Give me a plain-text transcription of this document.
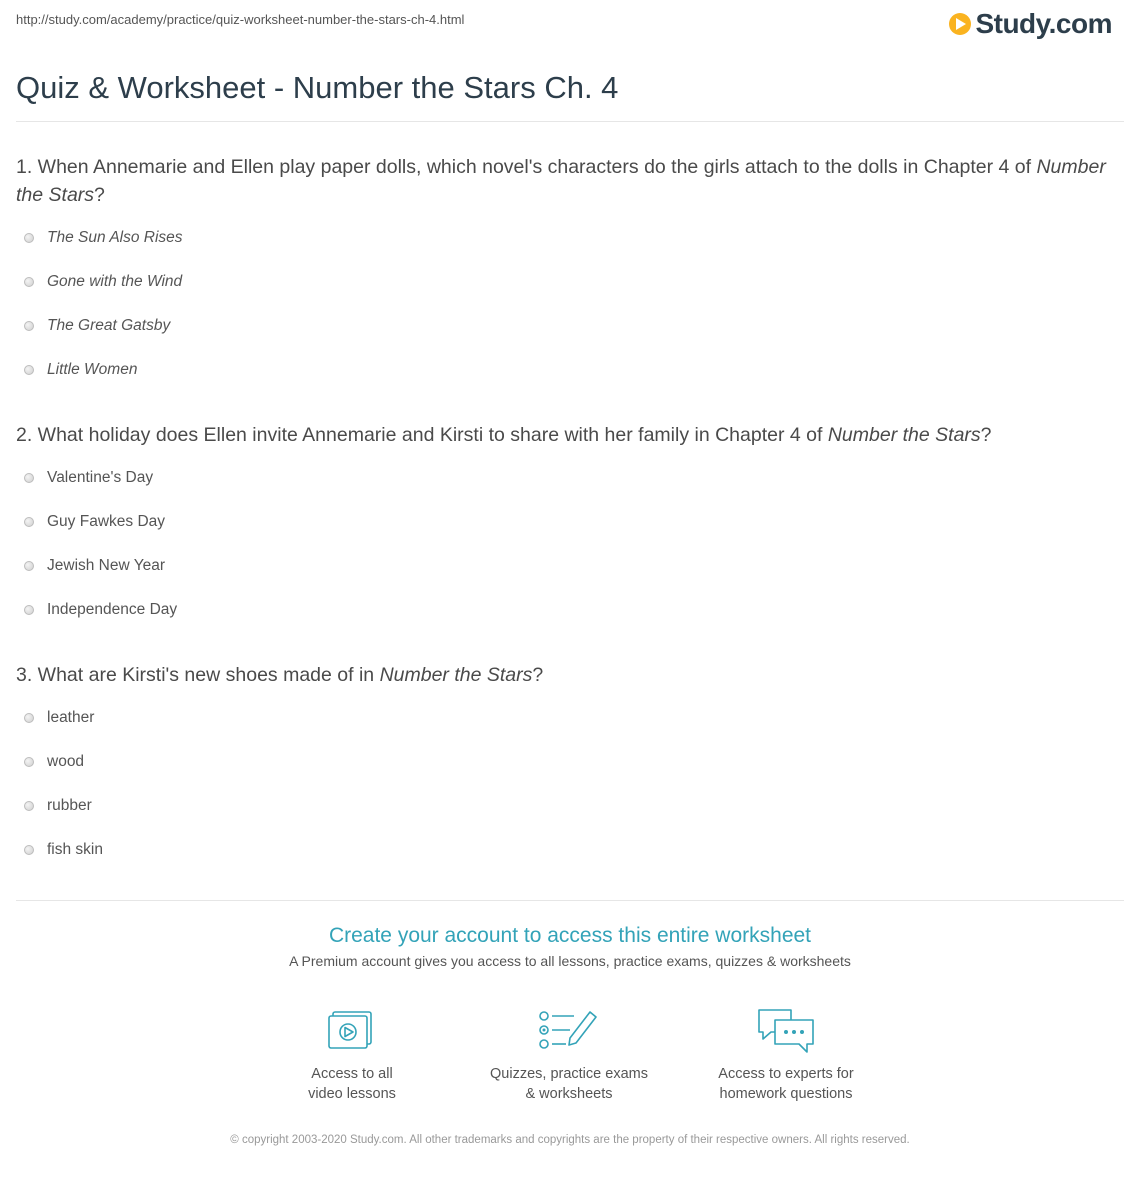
http://study.com/academy/practice/quiz-worksheet-number-the-stars-ch-4.html	Study.com
Quiz & Worksheet - Number the Stars Ch. 4
1. When Annemarie and Ellen play paper dolls, which novel's characters do the girls attach to the dolls in Chapter 4 of Number the Stars?
The Sun Also Rises
Gone with the Wind
The Great Gatsby
Little Women
2. What holiday does Ellen invite Annemarie and Kirsti to share with her family in Chapter 4 of Number the Stars?
Valentine's Day
Guy Fawkes Day
Jewish New Year
Independence Day
3. What are Kirsti's new shoes made of in Number the Stars?
leather
wood
rubber
fish skin
Create your account to access this entire worksheet
A Premium account gives you access to all lessons, practice exams, quizzes & worksheets
Access to all
video lessons
Quizzes, practice exams
& worksheets
Access to experts for
homework questions
© copyright 2003-2020 Study.com. All other trademarks and copyrights are the property of their respective owners. All rights reserved.
